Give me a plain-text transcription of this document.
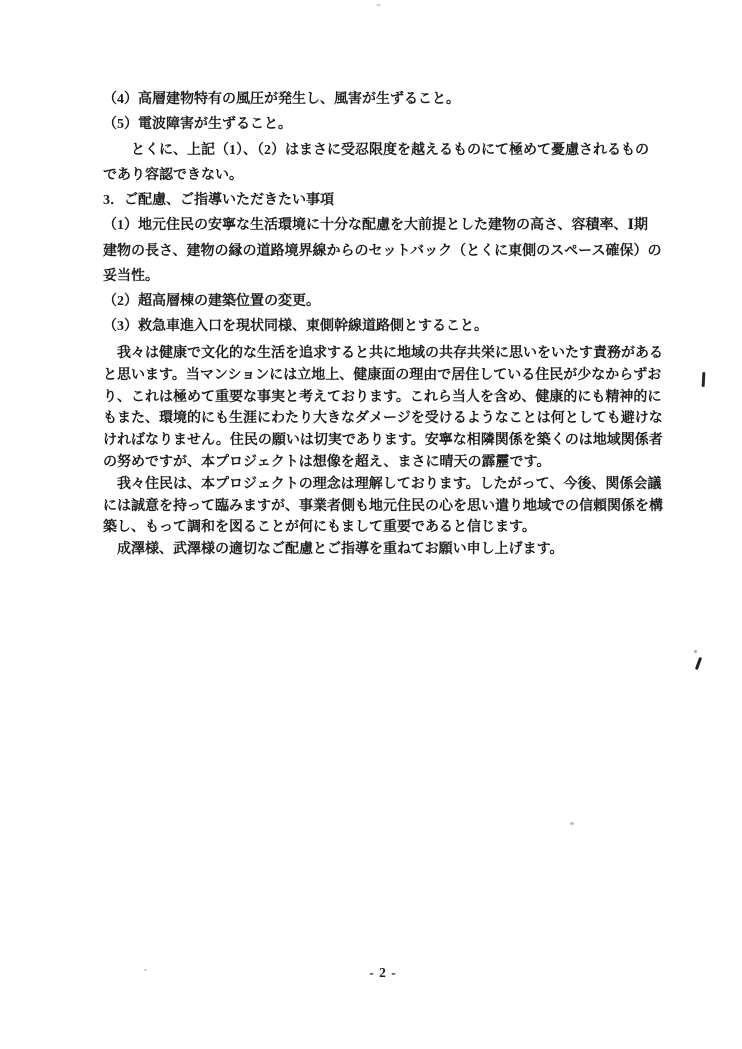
（4）高層建物特有の風圧が発生し、風害が生ずること。
（5）電波障害が生ずること。
　　とくに、上記（1）、（2）はまさに受忍限度を越えるものにて極めて憂慮されるもの
であり容認できない。
3．ご配慮、ご指導いただきたい事項
（1）地元住民の安寧な生活環境に十分な配慮を大前提とした建物の高さ、容積率、Ⅰ期
建物の長さ、建物の縁の道路境界線からのセットバック（とくに東側のスペース確保）の
妥当性。
（2）超高層棟の建築位置の変更。
（3）救急車進入口を現状同様、東側幹線道路側とすること。
　我々は健康で文化的な生活を追求すると共に地域の共存共栄に思いをいたす責務がある
と思います。当マンションには立地上、健康面の理由で居住している住民が少なからずお
り、これは極めて重要な事実と考えております。これら当人を含め、健康的にも精神的に
もまた、環境的にも生涯にわたり大きなダメージを受けるようなことは何としても避けな
ければなりません。住民の願いは切実であります。安寧な相隣関係を築くのは地域関係者
の努めですが、本プロジェクトは想像を超え、まさに晴天の霹靂です。
　我々住民は、本プロジェクトの理念は理解しております。したがって、今後、関係会議
には誠意を持って臨みますが、事業者側も地元住民の心を思い遣り地域での信頼関係を構
築し、もって調和を図ることが何にもまして重要であると信じます。
　成澤様、武澤様の適切なご配慮とご指導を重ねてお願い申し上げます。
- 2 -
